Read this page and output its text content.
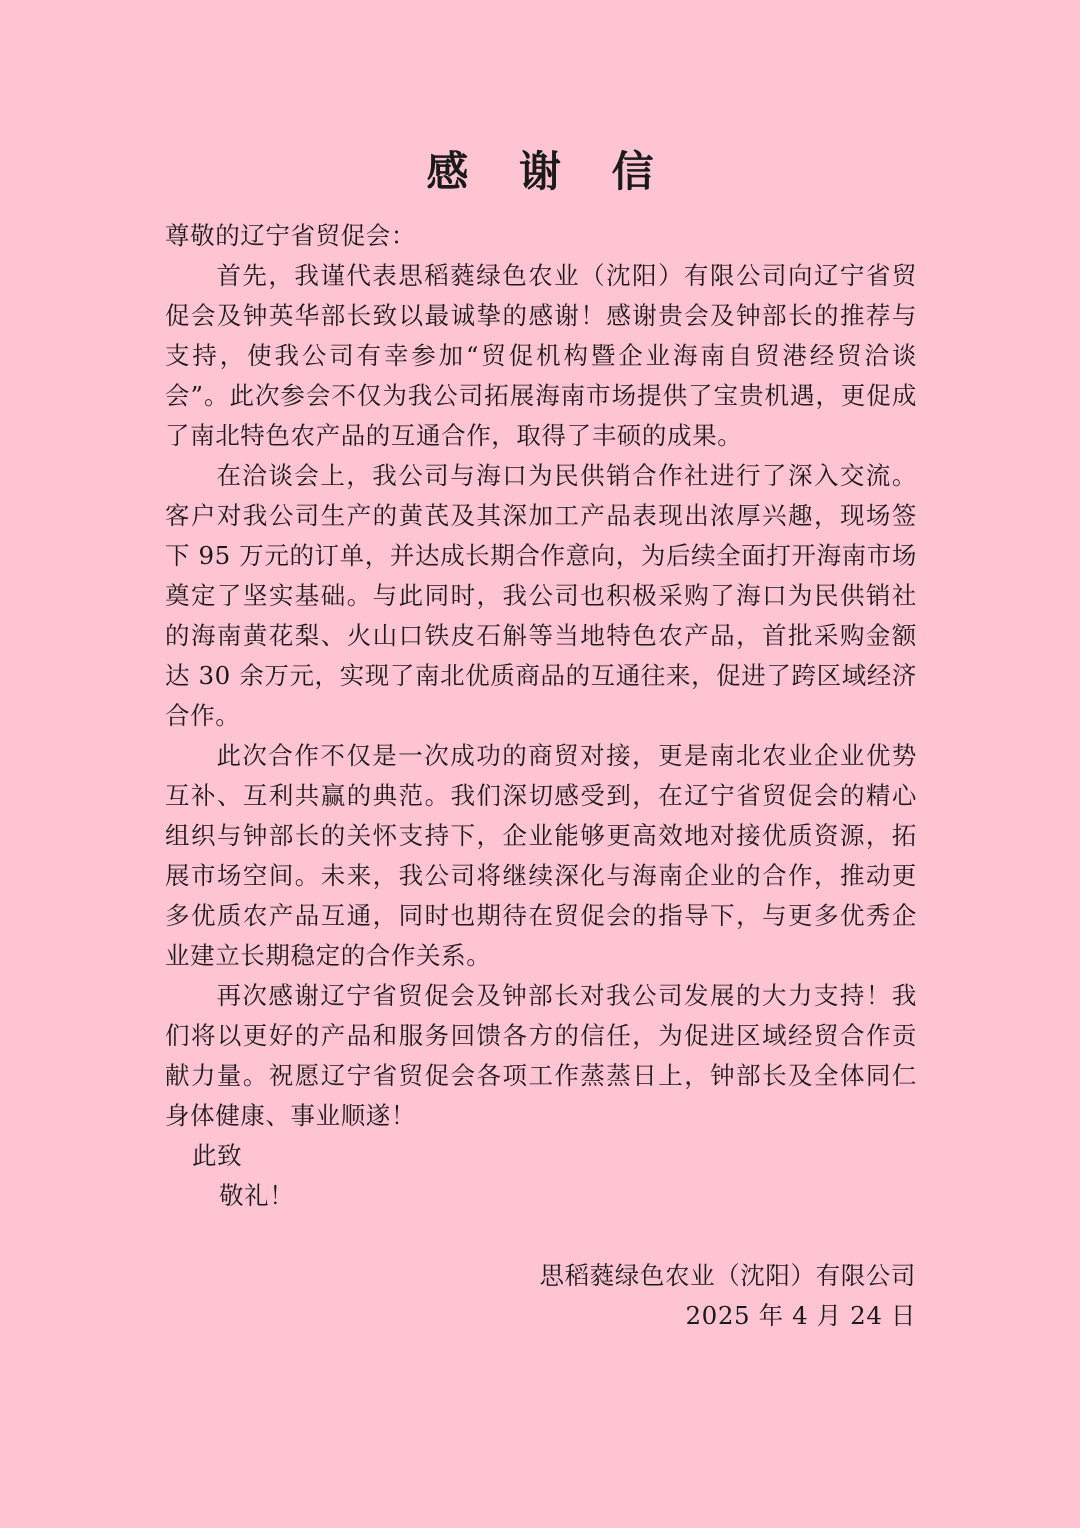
感 谢 信

尊敬的辽宁省贸促会：

首先，我谨代表思稻蕤绿色农业（沈阳）有限公司向辽宁省贸促会及钟英华部长致以最诚挚的感谢！感谢贵会及钟部长的推荐与支持，使我公司有幸参加“贸促机构暨企业海南自贸港经贸洽谈会”。此次参会不仅为我公司拓展海南市场提供了宝贵机遇，更促成了南北特色农产品的互通合作，取得了丰硕的成果。

在洽谈会上，我公司与海口为民供销合作社进行了深入交流。客户对我公司生产的黄芪及其深加工产品表现出浓厚兴趣，现场签下 95 万元的订单，并达成长期合作意向，为后续全面打开海南市场奠定了坚实基础。与此同时，我公司也积极采购了海口为民供销社的海南黄花梨、火山口铁皮石斛等当地特色农产品，首批采购金额达 30 余万元，实现了南北优质商品的互通往来，促进了跨区域经济合作。

此次合作不仅是一次成功的商贸对接，更是南北农业企业优势互补、互利共赢的典范。我们深切感受到，在辽宁省贸促会的精心组织与钟部长的关怀支持下，企业能够更高效地对接优质资源，拓展市场空间。未来，我公司将继续深化与海南企业的合作，推动更多优质农产品互通，同时也期待在贸促会的指导下，与更多优秀企业建立长期稳定的合作关系。

再次感谢辽宁省贸促会及钟部长对我公司发展的大力支持！我们将以更好的产品和服务回馈各方的信任，为促进区域经贸合作贡献力量。祝愿辽宁省贸促会各项工作蒸蒸日上，钟部长及全体同仁身体健康、事业顺遂！

此致

敬礼！

思稻蕤绿色农业（沈阳）有限公司
2025 年 4 月 24 日
